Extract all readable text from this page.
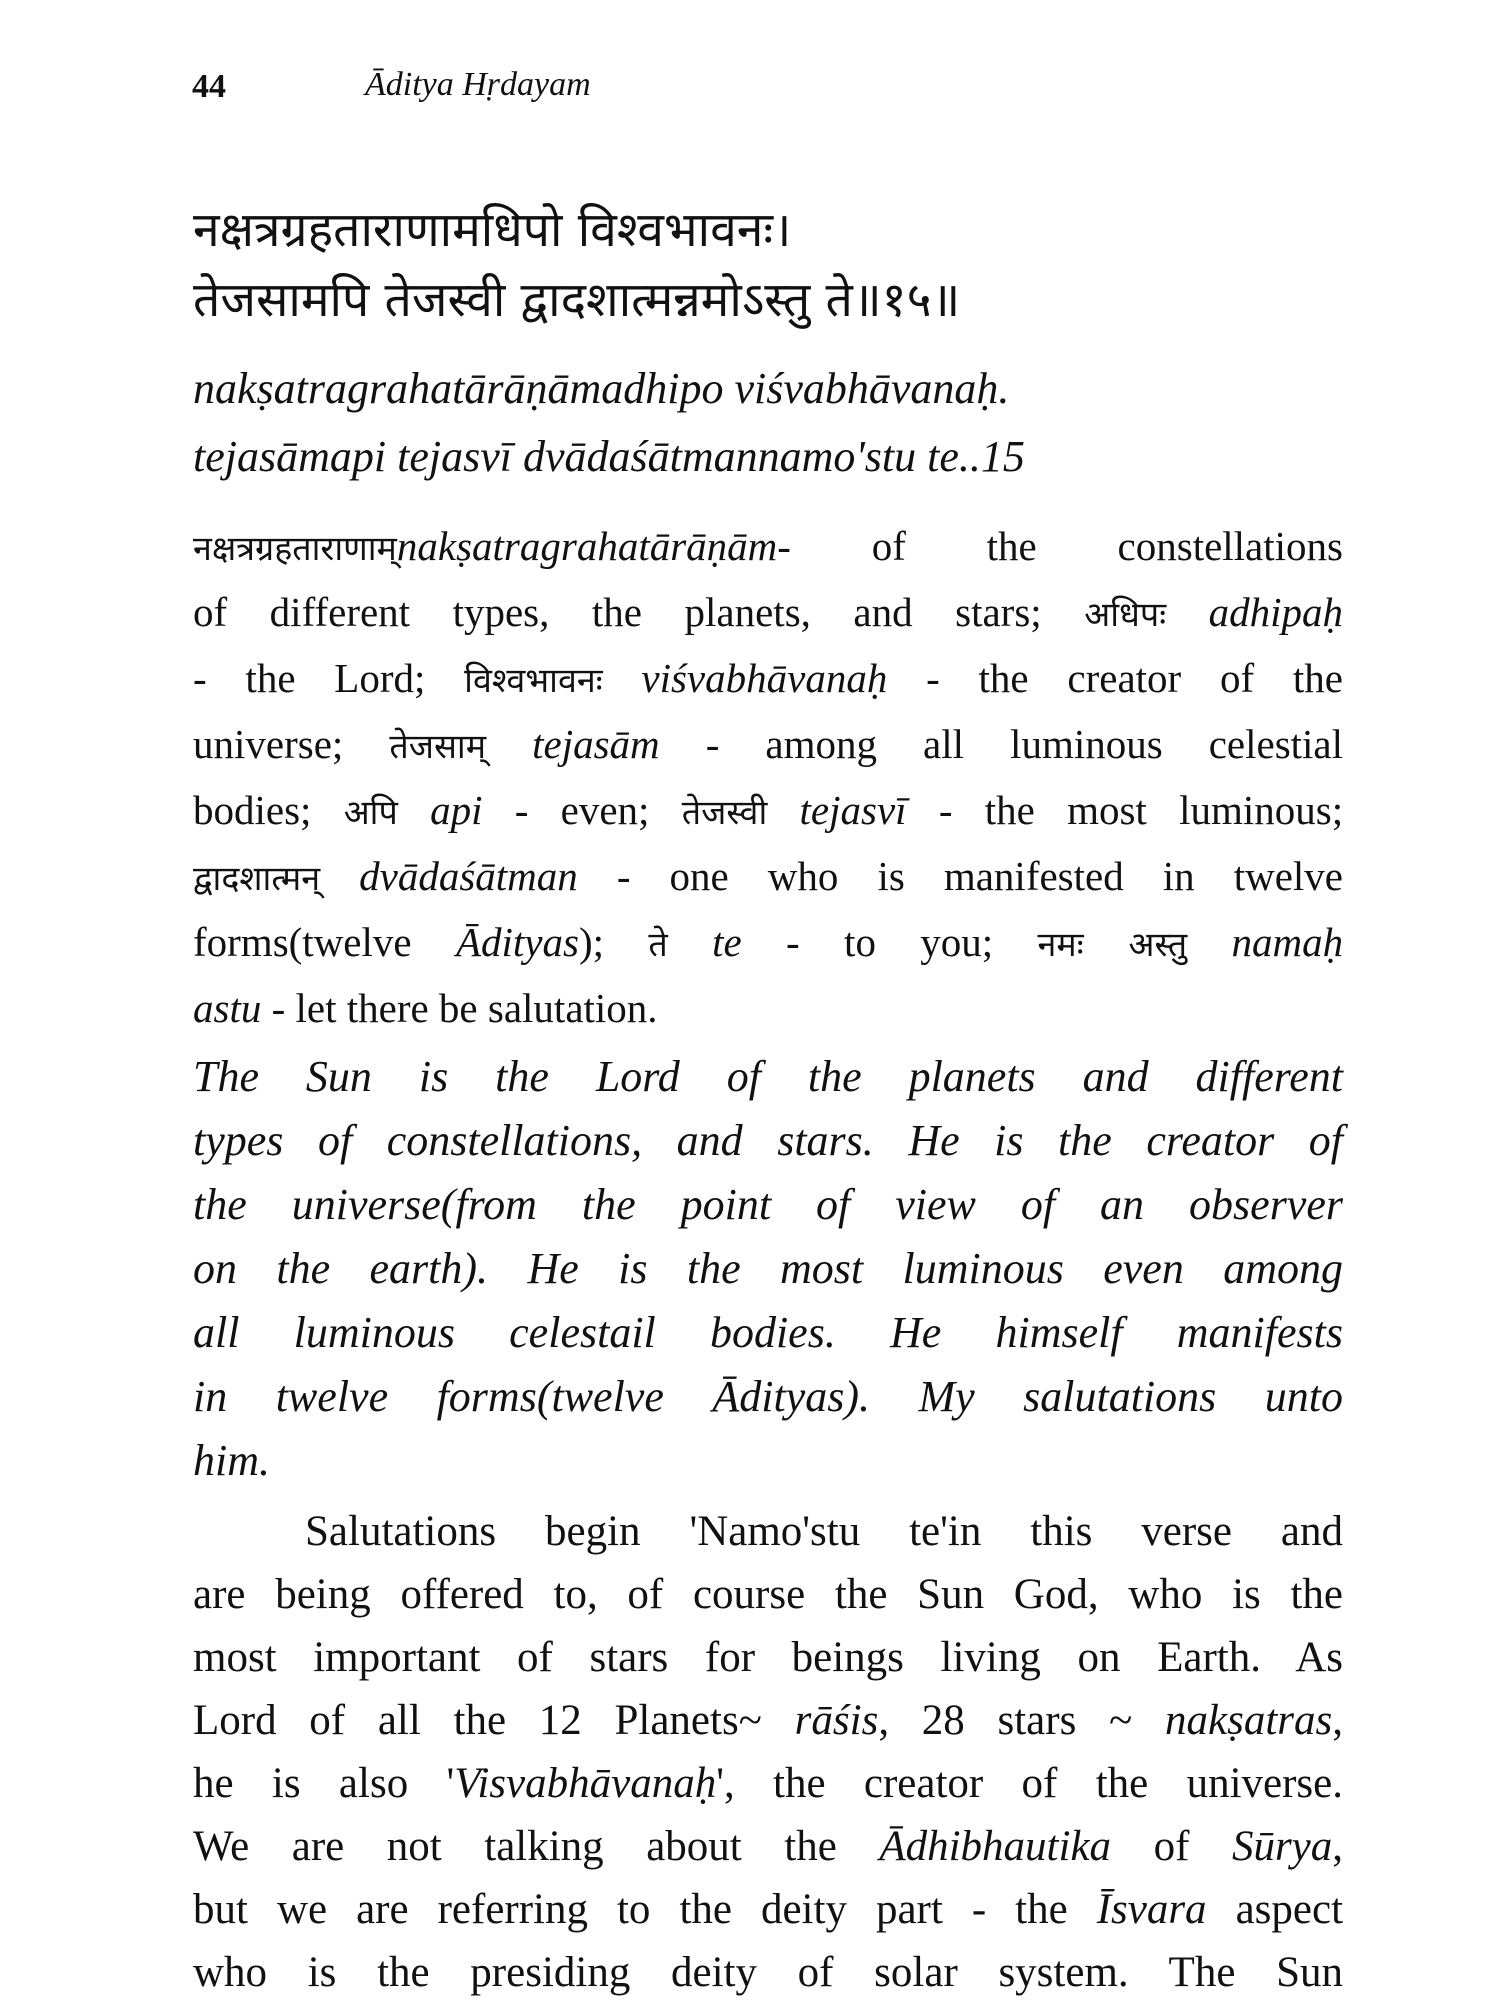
44	Āditya Hṛdayam
नक्षत्रग्रहताराणामधिपो विश्वभावनः।
तेजसामपि तेजस्वी द्वादशात्मन्नमोऽस्तु ते॥१५॥
nakṣatragrahatārāṇāmadhipo viśvabhāvanaḥ.
tejasāmapi tejasvī dvādaśātmannamo'stu te..15
नक्षत्रग्रहताराणाम्nakṣatragrahatārāṇām- of the constellations
of different types, the planets, and stars; अधिपः adhipaḥ
- the Lord; विश्वभावनः viśvabhāvanaḥ - the creator of the
universe; तेजसाम् tejasām - among all luminous celestial
bodies; अपि api - even; तेजस्वी tejasvī - the most luminous;
द्वादशात्मन् dvādaśātman - one who is manifested in twelve
forms(twelve Ādityas); ते te - to you; नमः अस्तु namaḥ
astu - let there be salutation.
The Sun is the Lord of the planets and different
types of constellations, and stars. He is the creator of
the universe(from the point of view of an observer
on the earth). He is the most luminous even among
all luminous celestail bodies. He himself manifests
in twelve forms(twelve Ādityas). My salutations unto
him.
Salutations begin 'Namo'stu te'in this verse and
are being offered to, of course the Sun God, who is the
most important of stars for beings living on Earth. As
Lord of all the 12 Planets~ rāśis, 28 stars ~ nakṣatras,
he is also 'Visvabhāvanaḥ', the creator of the universe.
We are not talking about the Ādhibhautika of Sūrya,
but we are referring to the deity part - the Īsvara aspect
who is the presiding deity of solar system. The Sun
